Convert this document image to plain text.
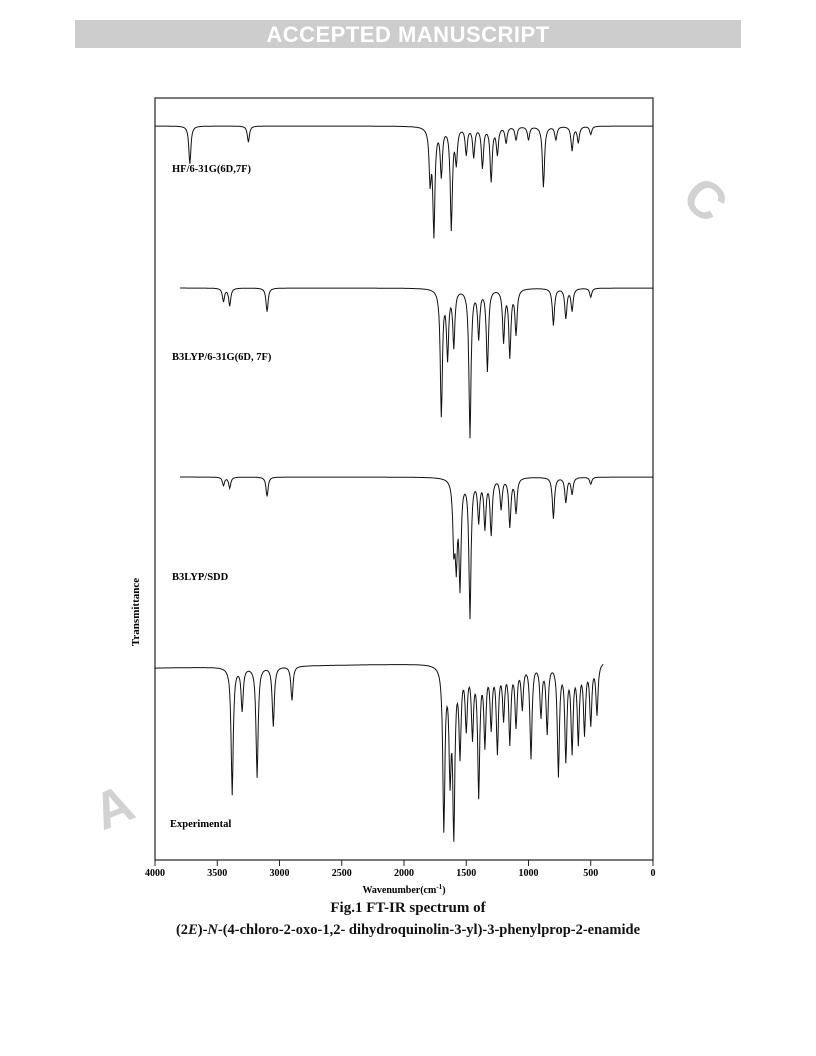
ACCEPTED MANUSCRIPT
C
A
4000	3500	3000	2500	2000	1500	1000	500	0
HF/6-31G(6D,7F)
B3LYP/6-31G(6D, 7F)
B3LYP/SDD
Experimental
Transmittance
$Wavenumber(cm^{-1})$
Fig.1 FT-IR spectrum of
(2E)-N-(4-chloro-2-oxo-1,2- dihydroquinolin-3-yl)-3-phenylprop-2-enamide
